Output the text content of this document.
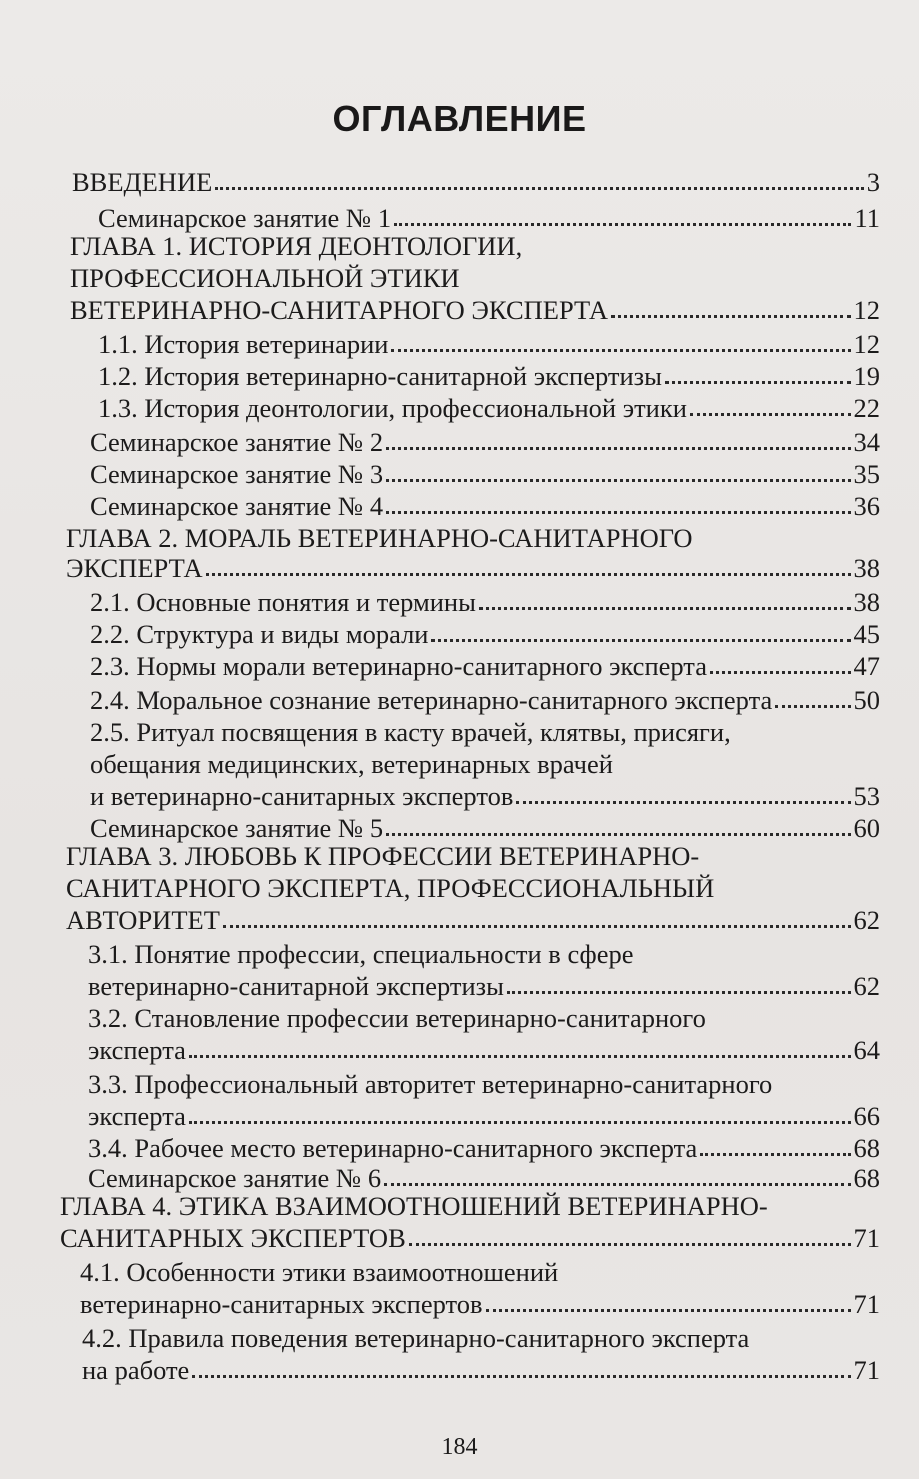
ОГЛАВЛЕНИЕ
ВВЕДЕНИЕ	3
Семинарское занятие № 1	11
ГЛАВА 1. ИСТОРИЯ ДЕОНТОЛОГИИ,
ПРОФЕССИОНАЛЬНОЙ ЭТИКИ
ВЕТЕРИНАРНО-САНИТАРНОГО ЭКСПЕРТА	12
1.1. История ветеринарии	12
1.2. История ветеринарно-санитарной экспертизы	19
1.3. История деонтологии, профессиональной этики	22
Семинарское занятие № 2	34
Семинарское занятие № 3	35
Семинарское занятие № 4	36
ГЛАВА 2. МОРАЛЬ ВЕТЕРИНАРНО-САНИТАРНОГО
ЭКСПЕРТА	38
2.1. Основные понятия и термины	38
2.2. Структура и виды морали	45
2.3. Нормы морали ветеринарно-санитарного эксперта	47
2.4. Моральное сознание ветеринарно-санитарного эксперта	50
2.5. Ритуал посвящения в касту врачей, клятвы, присяги,
обещания медицинских, ветеринарных врачей
и ветеринарно-санитарных экспертов	53
Семинарское занятие № 5	60
ГЛАВА 3. ЛЮБОВЬ К ПРОФЕССИИ ВЕТЕРИНАРНО-
САНИТАРНОГО ЭКСПЕРТА, ПРОФЕССИОНАЛЬНЫЙ
АВТОРИТЕТ	62
3.1. Понятие профессии, специальности в сфере
ветеринарно-санитарной экспертизы	62
3.2. Становление профессии ветеринарно-санитарного
эксперта	64
3.3. Профессиональный авторитет ветеринарно-санитарного
эксперта	66
3.4. Рабочее место ветеринарно-санитарного эксперта	68
Семинарское занятие № 6	68
ГЛАВА 4. ЭТИКА ВЗАИМООТНОШЕНИЙ ВЕТЕРИНАРНО-
САНИТАРНЫХ ЭКСПЕРТОВ	71
4.1. Особенности этики взаимоотношений
ветеринарно-санитарных экспертов	71
4.2. Правила поведения ветеринарно-санитарного эксперта
на работе	71
184
